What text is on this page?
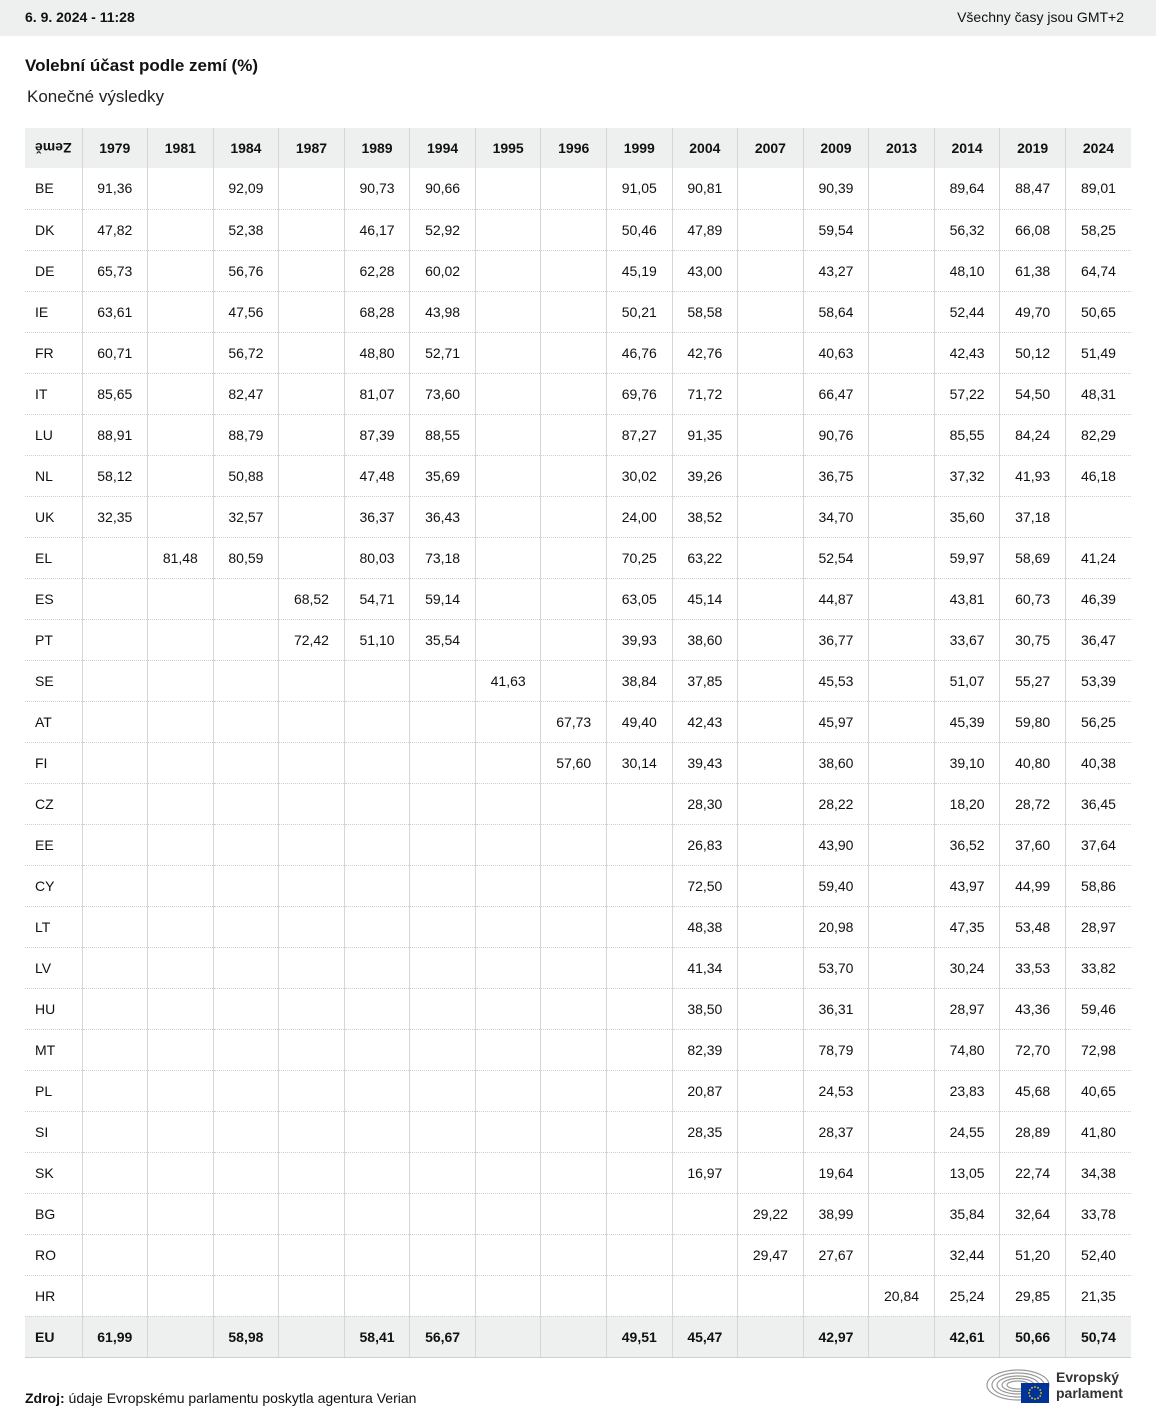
6. 9. 2024 - 11:28	Všechny časy jsou GMT+2
Volební účast podle zemí (%)
Konečné výsledky
Země	1979	1981	1984	1987	1989	1994	1995	1996	1999	2004	2007	2009	2013	2014	2019	2024
BE	91,36		92,09		90,73	90,66			91,05	90,81		90,39		89,64	88,47	89,01
DK	47,82		52,38		46,17	52,92			50,46	47,89		59,54		56,32	66,08	58,25
DE	65,73		56,76		62,28	60,02			45,19	43,00		43,27		48,10	61,38	64,74
IE	63,61		47,56		68,28	43,98			50,21	58,58		58,64		52,44	49,70	50,65
FR	60,71		56,72		48,80	52,71			46,76	42,76		40,63		42,43	50,12	51,49
IT	85,65		82,47		81,07	73,60			69,76	71,72		66,47		57,22	54,50	48,31
LU	88,91		88,79		87,39	88,55			87,27	91,35		90,76		85,55	84,24	82,29
NL	58,12		50,88		47,48	35,69			30,02	39,26		36,75		37,32	41,93	46,18
UK	32,35		32,57		36,37	36,43			24,00	38,52		34,70		35,60	37,18	
EL		81,48	80,59		80,03	73,18			70,25	63,22		52,54		59,97	58,69	41,24
ES				68,52	54,71	59,14			63,05	45,14		44,87		43,81	60,73	46,39
PT				72,42	51,10	35,54			39,93	38,60		36,77		33,67	30,75	36,47
SE							41,63		38,84	37,85		45,53		51,07	55,27	53,39
AT								67,73	49,40	42,43		45,97		45,39	59,80	56,25
FI								57,60	30,14	39,43		38,60		39,10	40,80	40,38
CZ										28,30		28,22		18,20	28,72	36,45
EE										26,83		43,90		36,52	37,60	37,64
CY										72,50		59,40		43,97	44,99	58,86
LT										48,38		20,98		47,35	53,48	28,97
LV										41,34		53,70		30,24	33,53	33,82
HU										38,50		36,31		28,97	43,36	59,46
MT										82,39		78,79		74,80	72,70	72,98
PL										20,87		24,53		23,83	45,68	40,65
SI										28,35		28,37		24,55	28,89	41,80
SK										16,97		19,64		13,05	22,74	34,38
BG											29,22	38,99		35,84	32,64	33,78
RO											29,47	27,67		32,44	51,20	52,40
HR													20,84	25,24	29,85	21,35
EU	61,99		58,98		58,41	56,67			49,51	45,47		42,97		42,61	50,66	50,74
Zdroj: údaje Evropskému parlamentu poskytla agentura Verian
Evropský
parlament
